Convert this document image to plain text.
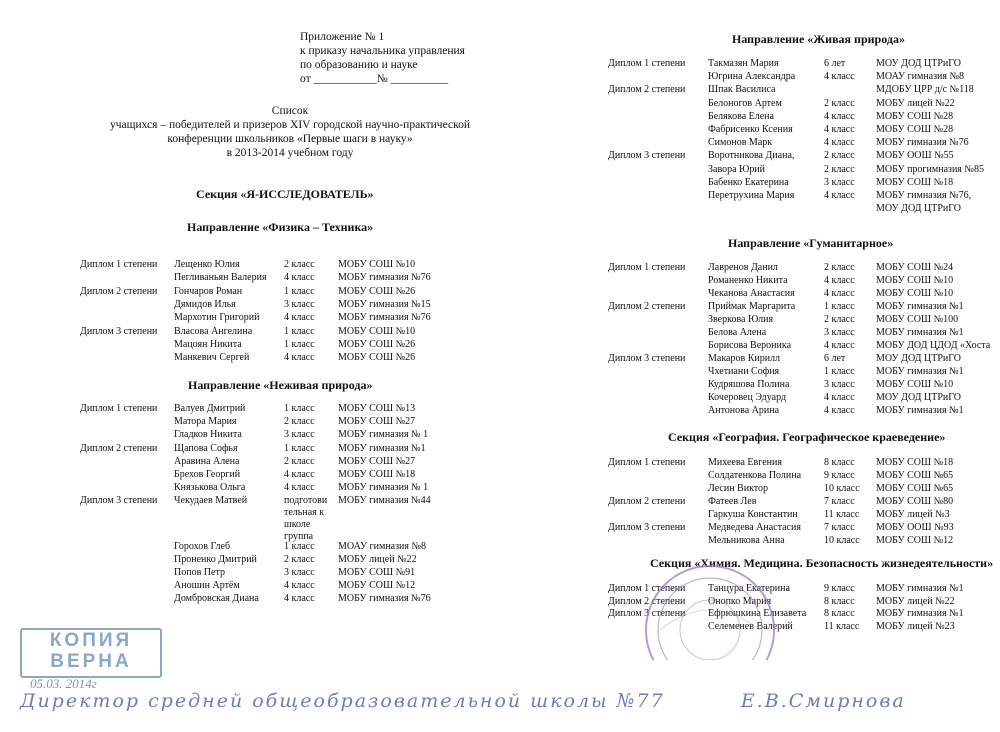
Приложение № 1
к приказу начальника управления
по образованию и науке
от ___________№ __________
Список
учащихся – победителей и призеров XIV городской научно-практической
конференции школьников «Первые шаги в науку»
в 2013-2014 учебном году
Секция «Я-ИССЛЕДОВАТЕЛЬ»
Направление «Физика – Техника»
Диплом 1 степени	Лещенко Юлия	2 класс МОБУ СОШ №10
Пегливаньян Валерия 4 класс МОБУ гимназия №76
Диплом 2 степени	Гончаров Роман	1 класс МОБУ СОШ №26
Дямидов Илья	3 класс МОБУ гимназия №15
Мархотин Григорий 4 класс МОБУ гимназия №76
Диплом 3 степени	Власова Ангелина	1 класс МОБУ СОШ №10
Мацоян Никита	1 класс МОБУ СОШ №26
Манкевич Сергей	4 класс МОБУ СОШ №26
Направление «Неживая природа»
Диплом 1 степени	Валуев Дмитрий	1 класс МОБУ СОШ №13
Матора Мария	2 класс МОБУ СОШ №27
Гладков Никита	3 класс МОБУ гимназия № 1
Диплом 2 степени	Щапова Софья	1 класс МОБУ гимназия №1
Аравина Алена	2 класс МОБУ СОШ №27
Брехов Георгий	4 класс МОБУ СОШ №18
Князькова Ольга	4 класс МОБУ гимназия № 1
Диплом 3 степени	Чекудаев Матвей	подготови тельная к школе группа
МОБУ гимназия №44
Горохов Глеб	1 класс МОАУ гимназия №8
Проненко Дмитрий	2 класс МОБУ лицей №22
Попов Петр	3 класс МОБУ СОШ №91
Аношин Артём	4 класс МОБУ СОШ №12
Домбровская Диана	4 класс МОБУ гимназия №76
Направление «Живая природа»
Диплом 1 степени	Такмазян Мария	6 лет	МОУ ДОД ЦТРиГО
Югрина Александра	4 класс МОАУ гимназия №8
Диплом 2 степени	Шпак Василиса	МДОБУ ЦРР д/с №118
Белоногов Артем	2 класс МОБУ лицей №22
Белякова Елена	4 класс МОБУ СОШ №28
Фабрисенко Ксения	4 класс МОБУ СОШ №28
Симонов Марк	4 класс МОБУ гимназия №76
Диплом 3 степени	Воротникова Диана,	2 класс МОБУ ООШ №55
Завора Юрий	2 класс МОБУ прогимназия №85
Бабенко Екатерина	3 класс МОБУ СОШ №18
Перетрухина Мария	4 класс МОБУ гимназия №76,
МОУ ДОД ЦТРиГО
Направление «Гуманитарное»
Диплом 1 степени	Лавренов Данил	2 класс МОБУ СОШ №24
Романенко Никита	4 класс МОБУ СОШ №10
Чеканова Анастасия	4 класс МОБУ СОШ №10
Диплом 2 степени	Приймак Маргарита	1 класс МОБУ гимназия №1
Зверкова Юлия	2 класс МОБУ СОШ №100
Белова Алена	3 класс МОБУ гимназия №1
Борисова Вероника	4 класс МОБУ ДОД ЦДОД «Хоста
Диплом 3 степени	Макаров Кирилл	6 лет	МОУ ДОД ЦТРиГО
Чхетиани София	1 класс МОБУ гимназия №1
Кудряшова Полина	3 класс МОБУ СОШ №10
Кочеровец Эдуард	4 класс МОУ ДОД ЦТРиГО
Антонова Арина	4 класс МОБУ гимназия №1
Секция «География. Географическое краеведение»
Диплом 1 степени	Михеева Евгения	8 класс МОБУ СОШ №18
Солдатенкова Полина 9 класс МОБУ СОШ №65
Лесин Виктор	10 класс МОБУ СОШ №65
Диплом 2 степени	Фатеев Лев	7 класс МОБУ СОШ №80
Гаркуша Константин	11 класс МОБУ лицей №3
Диплом 3 степени	Медведева Анастасия 7 класс МОБУ ООШ №93
Мельникова Анна	10 класс МОБУ СОШ №12
Секция «Химия. Медицина. Безопасность жизнедеятельности»
Диплом 1 степени	Танцура Екатерина	9 класс МОБУ гимназия №1
Диплом 2 степени	Онопко Мария	8 класс МОБУ лицей №22
Диплом 3 степени	Ефрюшкина Елизавета 8 класс МОБУ гимназия №1
Селеменев Валерий	11 класс МОБУ лицей №23
КОПИЯ
ВЕРНА
05.03. 2014г
Директор средней общеобразовательной школы №77	Е.В.Смирнова
